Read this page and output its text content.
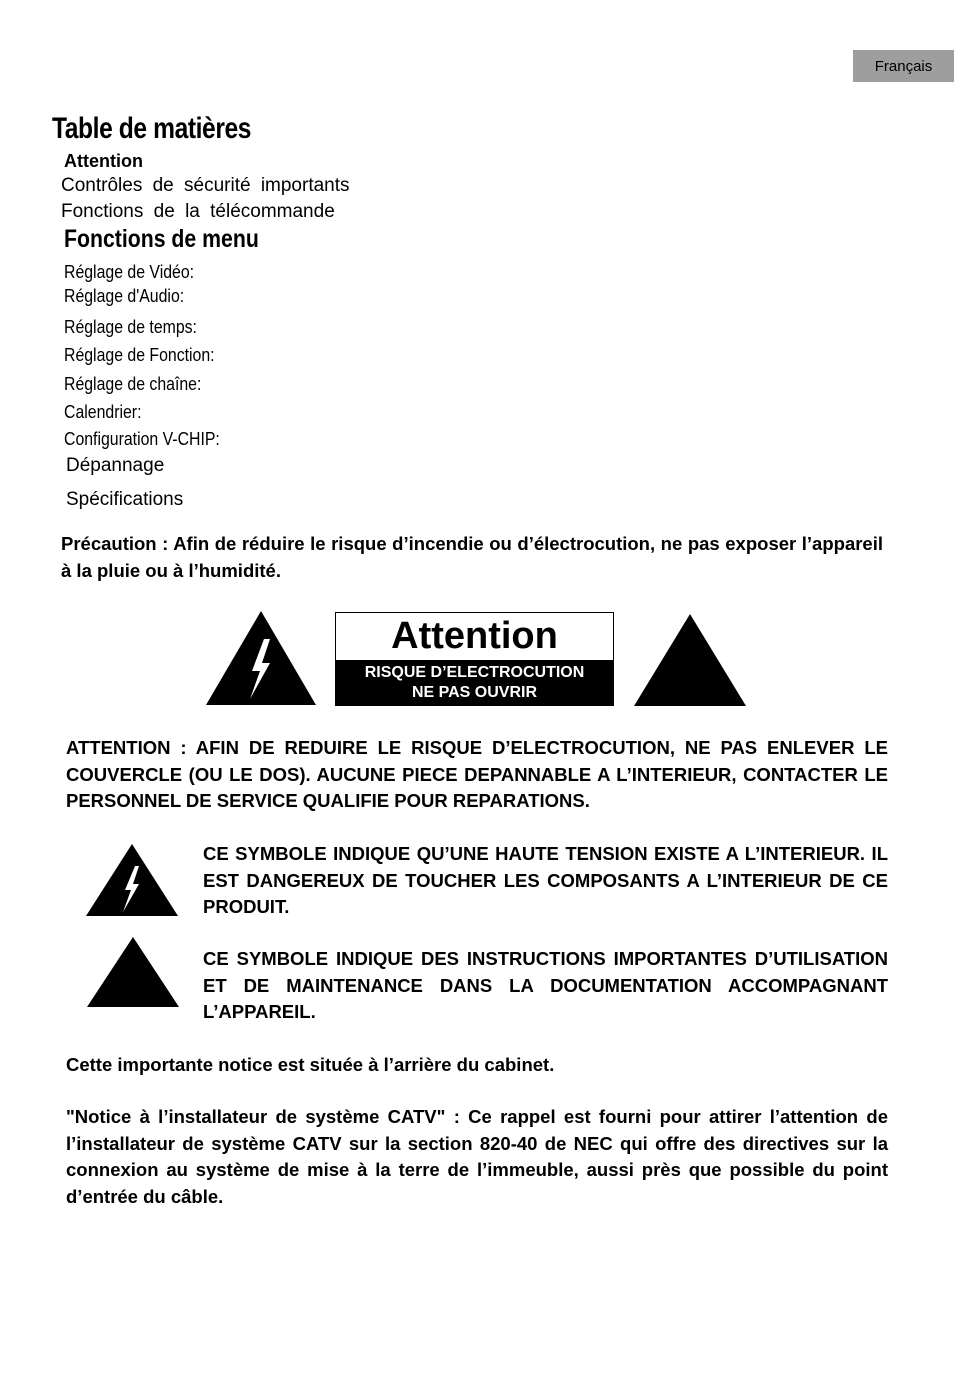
Français
Table de matières
Attention
Contrôles de sécurité importants
Fonctions de la télécommande
Fonctions de menu
Réglage de Vidéo:
Réglage d'Audio:
Réglage de temps:
Réglage de Fonction:
Réglage de chaîne:
Calendrier:
Configuration V-CHIP:
Dépannage
Spécifications
Précaution : Afin de réduire le risque d’incendie ou d’électrocution, ne pas exposer l’appareil à la pluie ou à l’humidité.
Attention
RISQUE D’ELECTROCUTION
NE PAS OUVRIR
ATTENTION : AFIN DE REDUIRE LE RISQUE D’ELECTROCUTION, NE PAS ENLEVER LE COUVERCLE (OU LE DOS). AUCUNE PIECE DEPANNABLE A L’INTERIEUR, CONTACTER LE PERSONNEL DE SERVICE QUALIFIE POUR REPARATIONS.
CE SYMBOLE INDIQUE QU’UNE HAUTE TENSION EXISTE A L’INTERIEUR. IL EST DANGEREUX DE TOUCHER LES COMPOSANTS A L’INTERIEUR DE CE PRODUIT.
CE SYMBOLE INDIQUE DES INSTRUCTIONS IMPORTANTES D’UTILISATION ET DE MAINTENANCE DANS LA DOCUMENTATION ACCOMPAGNANT L’APPAREIL.
Cette importante notice est située à l’arrière du cabinet.
"Notice à l’installateur de système CATV" : Ce rappel est fourni pour attirer l’attention de l’installateur de système CATV sur la section 820-40 de NEC qui offre des directives sur la connexion au système de mise à la terre de l’immeuble, aussi près que possible du point d’entrée du câble.
